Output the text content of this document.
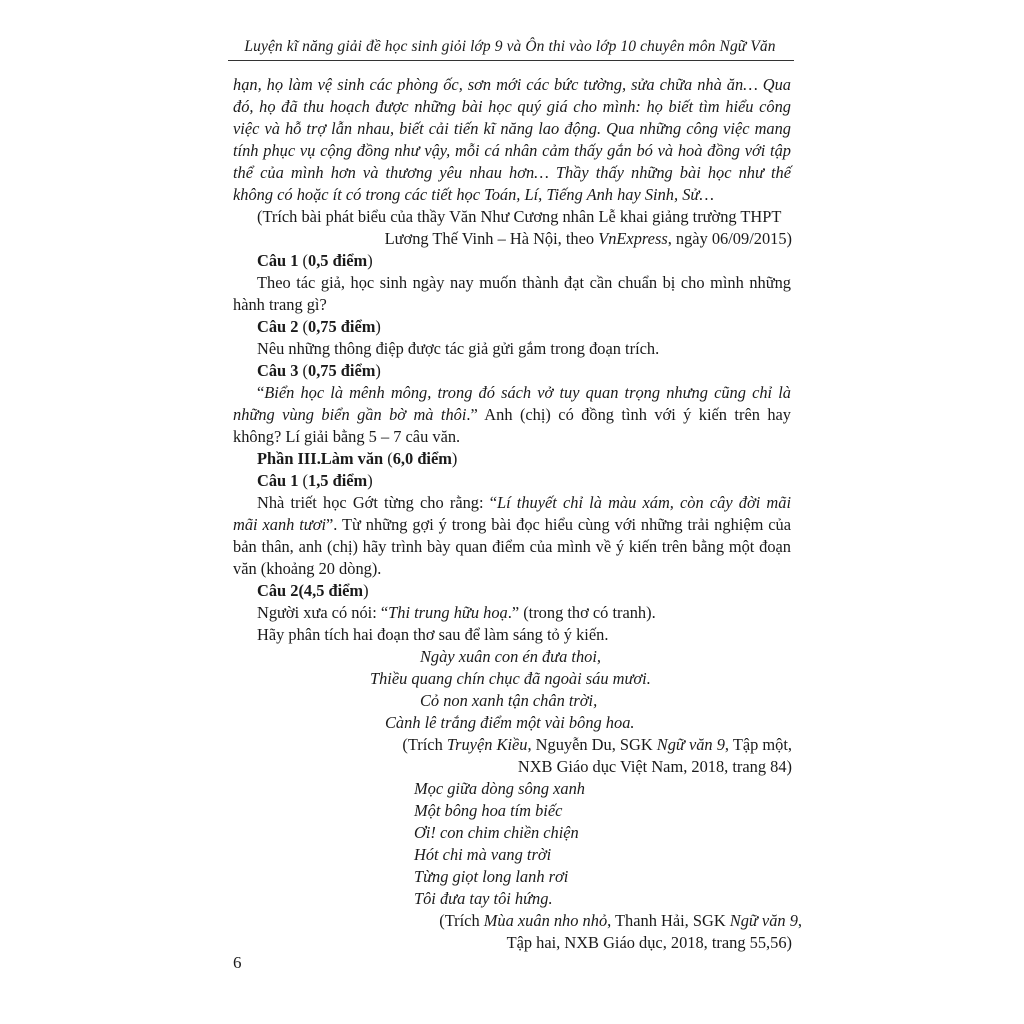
Luyện kĩ năng giải đề học sinh giỏi lớp 9 và Ôn thi vào lớp 10 chuyên môn Ngữ Văn
hạn, họ làm vệ sinh các phòng ốc, sơn mới các bức tường, sửa chữa nhà ăn… Qua
đó, họ đã thu hoạch được những bài học quý giá cho mình: họ biết tìm hiểu công
việc và hỗ trợ lẫn nhau, biết cải tiến kĩ năng lao động. Qua những công việc mang
tính phục vụ cộng đồng như vậy, mỗi cá nhân cảm thấy gắn bó và hoà đồng với tập
thể của mình hơn và thương yêu nhau hơn… Thầy thấy những bài học như thế
không có hoặc ít có trong các tiết học Toán, Lí, Tiếng Anh hay Sinh, Sử…
(Trích bài phát biểu của thầy Văn Như Cương nhân Lễ khai giảng trường THPT
Lương Thế Vinh – Hà Nội, theo VnExpress, ngày 06/09/2015)
Câu 1 (0,5 điểm)
Theo tác giả, học sinh ngày nay muốn thành đạt cần chuẩn bị cho mình những
hành trang gì?
Câu 2 (0,75 điểm)
Nêu những thông điệp được tác giả gửi gắm trong đoạn trích.
Câu 3 (0,75 điểm)
“Biển học là mênh mông, trong đó sách vở tuy quan trọng nhưng cũng chỉ là
những vùng biển gần bờ mà thôi.” Anh (chị) có đồng tình với ý kiến trên hay
không? Lí giải bằng 5 – 7 câu văn.
Phần III.Làm văn (6,0 điểm)
Câu 1 (1,5 điểm)
Nhà triết học Gớt từng cho rằng: “Lí thuyết chỉ là màu xám, còn cây đời mãi
mãi xanh tươi”. Từ những gợi ý trong bài đọc hiểu cùng với những trải nghiệm của
bản thân, anh (chị) hãy trình bày quan điểm của mình về ý kiến trên bằng một đoạn
văn (khoảng 20 dòng).
Câu 2(4,5 điểm)
Người xưa có nói: “Thi trung hữu hoạ.” (trong thơ có tranh).
Hãy phân tích hai đoạn thơ sau để làm sáng tỏ ý kiến.
Ngày xuân con én đưa thoi,
Thiều quang chín chục đã ngoài sáu mươi.
Cỏ non xanh tận chân trời,
Cành lê trắng điểm một vài bông hoa.
(Trích Truyện Kiều, Nguyễn Du, SGK Ngữ văn 9, Tập một,
NXB Giáo dục Việt Nam, 2018, trang 84)
Mọc giữa dòng sông xanh
Một bông hoa tím biếc
Ơi! con chim chiền chiện
Hót chi mà vang trời
Từng giọt long lanh rơi
Tôi đưa tay tôi hứng.
(Trích Mùa xuân nho nhỏ, Thanh Hải, SGK Ngữ văn 9,
Tập hai, NXB Giáo dục, 2018, trang 55,56)
6
